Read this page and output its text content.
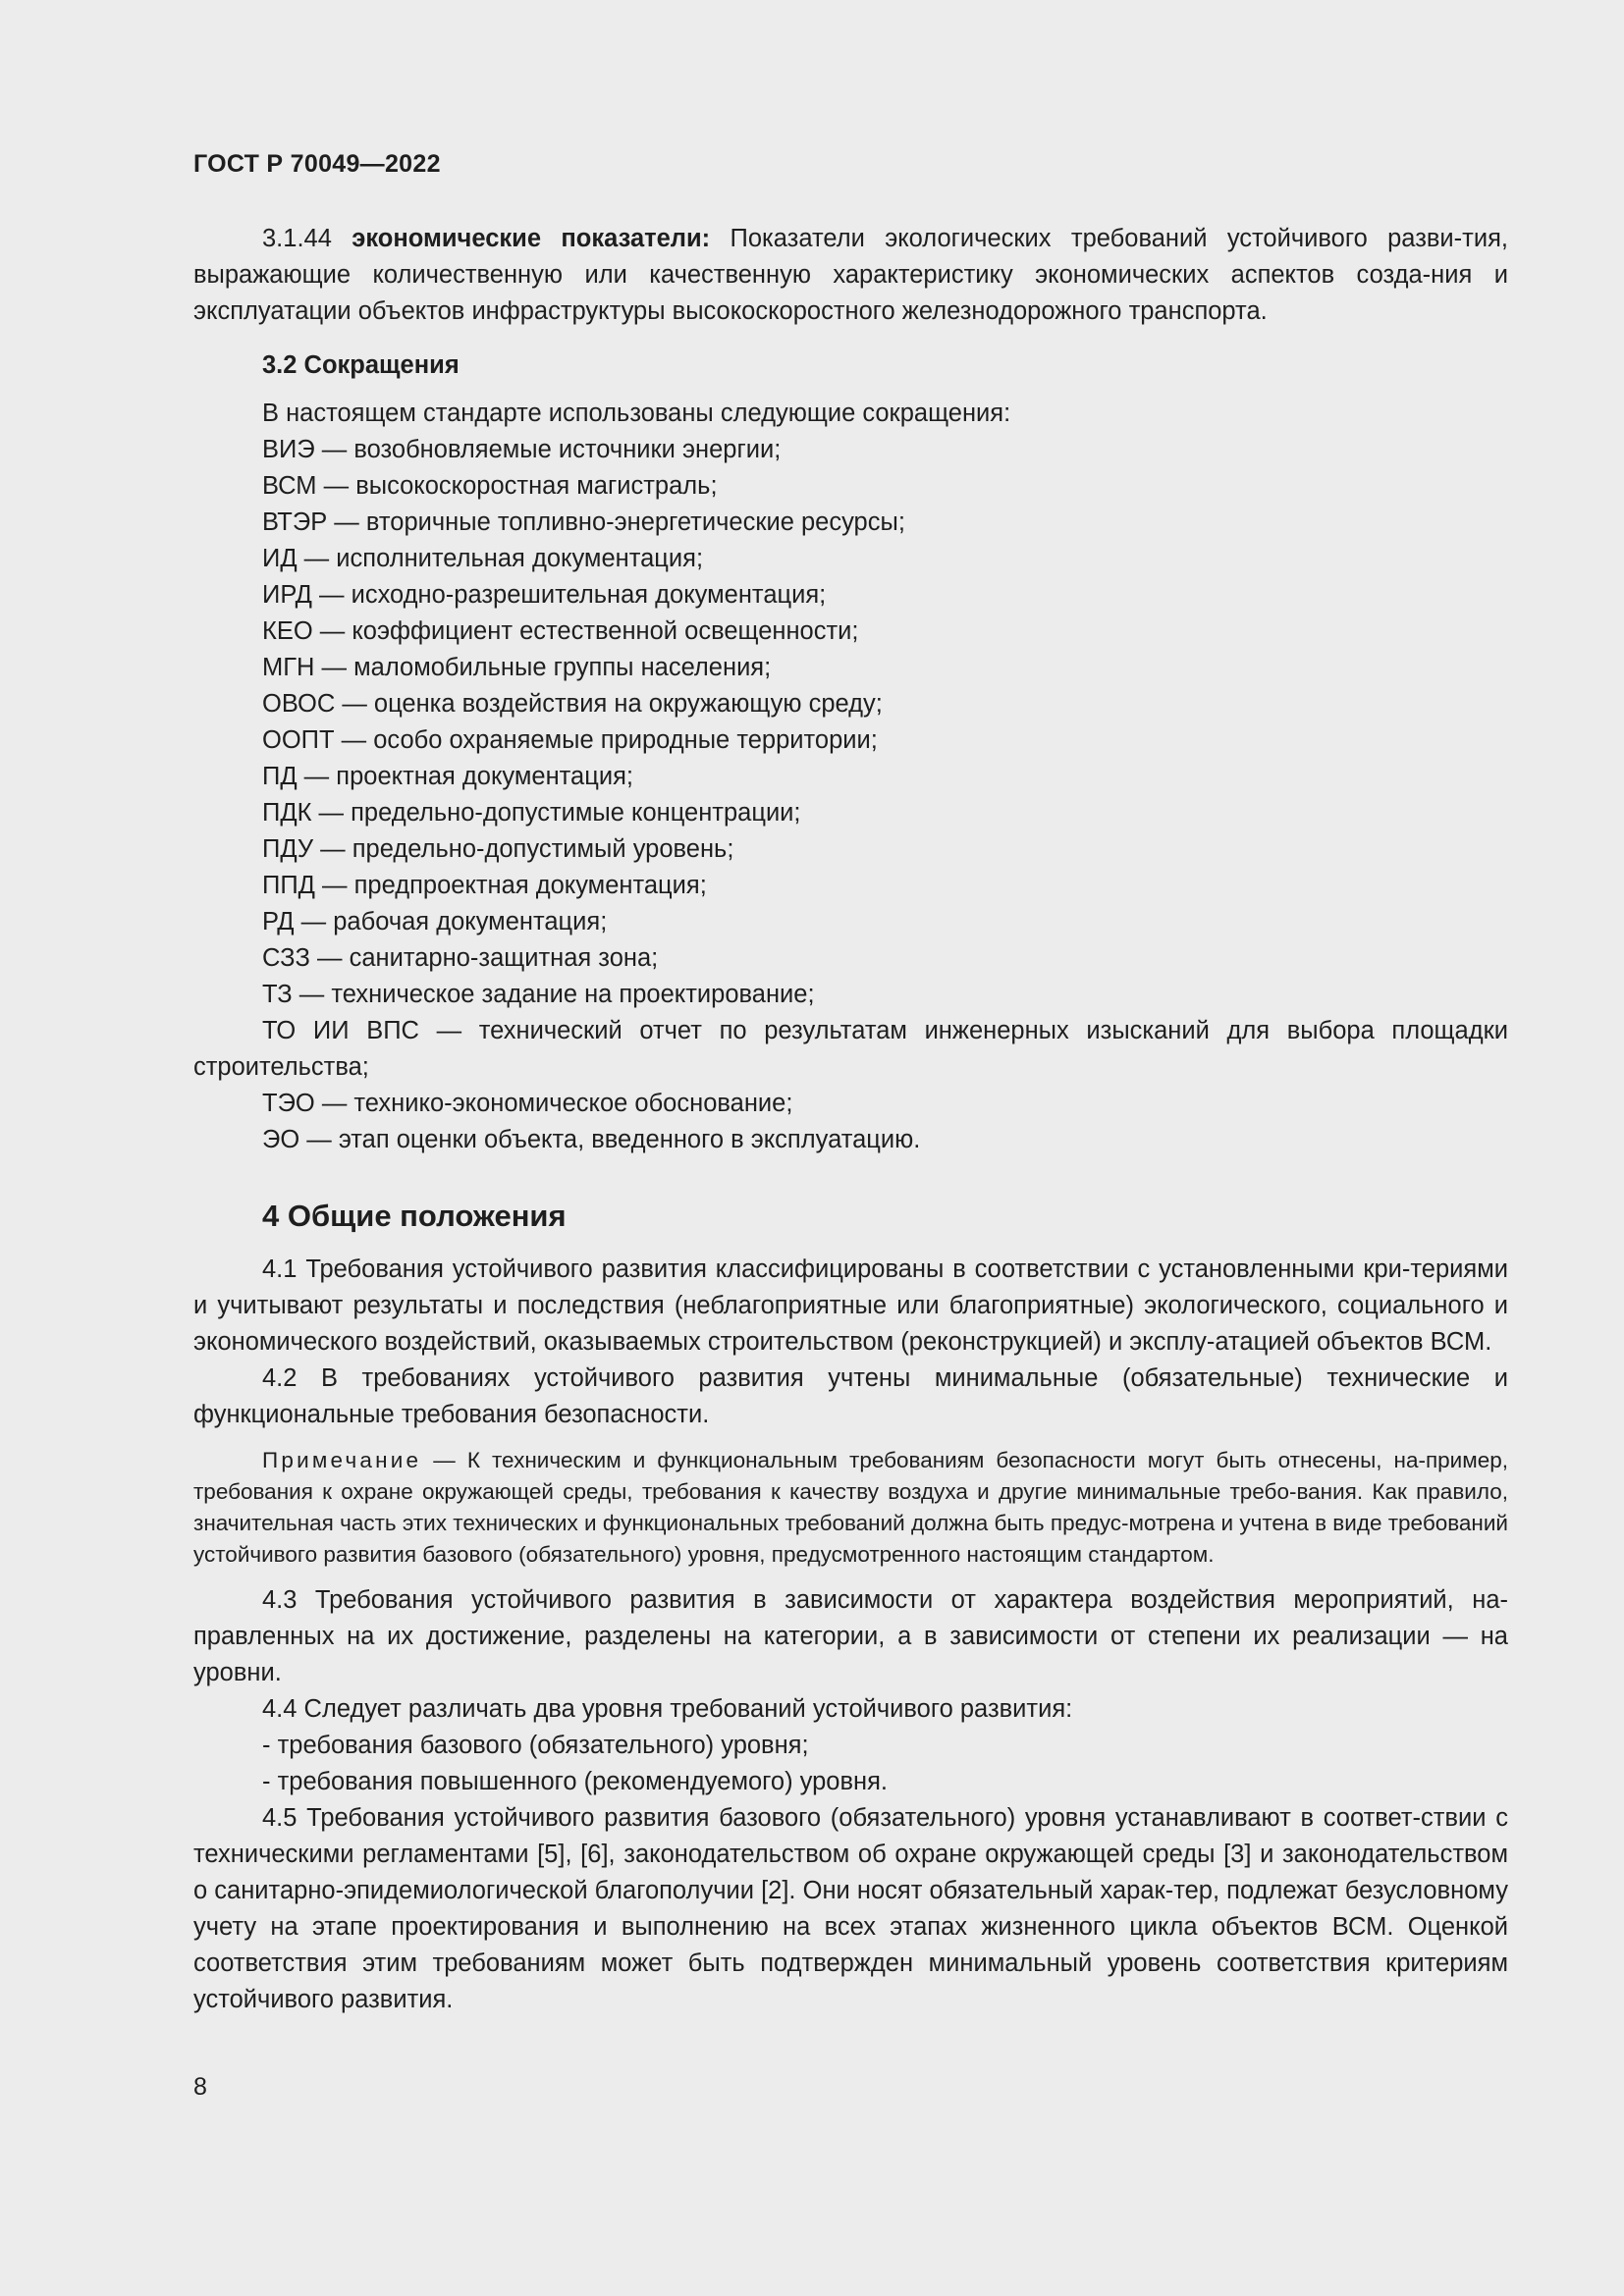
ГОСТ Р 70049—2022

3.1.44 экономические показатели: Показатели экологических требований устойчивого разви-тия, выражающие количественную или качественную характеристику экономических аспектов созда-ния и эксплуатации объектов инфраструктуры высокоскоростного железнодорожного транспорта.

3.2 Сокращения
В настоящем стандарте использованы следующие сокращения:
ВИЭ — возобновляемые источники энергии;
ВСМ — высокоскоростная магистраль;
ВТЭР — вторичные топливно-энергетические ресурсы;
ИД — исполнительная документация;
ИРД — исходно-разрешительная документация;
КЕО — коэффициент естественной освещенности;
МГН — маломобильные группы населения;
ОВОС — оценка воздействия на окружающую среду;
ООПТ — особо охраняемые природные территории;
ПД — проектная документация;
ПДК — предельно-допустимые концентрации;
ПДУ — предельно-допустимый уровень;
ППД — предпроектная документация;
РД — рабочая документация;
СЗЗ — санитарно-защитная зона;
ТЗ — техническое задание на проектирование;

ТО ИИ ВПС — технический отчет по результатам инженерных изысканий для выбора площадки строительства;

ТЭО — технико-экономическое обоснование;
ЭО — этап оценки объекта, введенного в эксплуатацию.
4 Общие положения

4.1 Требования устойчивого развития классифицированы в соответствии с установленными кри-териями и учитывают результаты и последствия (неблагоприятные или благоприятные) экологического, социального и экономического воздействий, оказываемых строительством (реконструкцией) и эксплу-атацией объектов ВСМ.

4.2 В требованиях устойчивого развития учтены минимальные (обязательные) технические и функциональные требования безопасности.

Примечание — К техническим и функциональным требованиям безопасности могут быть отнесены, на-пример, требования к охране окружающей среды, требования к качеству воздуха и другие минимальные требо-вания. Как правило, значительная часть этих технических и функциональных требований должна быть предус-мотрена и учтена в виде требований устойчивого развития базового (обязательного) уровня, предусмотренного настоящим стандартом.

4.3 Требования устойчивого развития в зависимости от характера воздействия мероприятий, на-правленных на их достижение, разделены на категории, а в зависимости от степени их реализации — на уровни.

4.4 Следует различать два уровня требований устойчивого развития:

- требования базового (обязательного) уровня;
- требования повышенного (рекомендуемого) уровня.

4.5 Требования устойчивого развития базового (обязательного) уровня устанавливают в соответ-ствии с техническими регламентами [5], [6], законодательством об охране окружающей среды [3] и законодательством о санитарно-эпидемиологической благополучии [2]. Они носят обязательный харак-тер, подлежат безусловному учету на этапе проектирования и выполнению на всех этапах жизненного цикла объектов ВСМ. Оценкой соответствия этим требованиям может быть подтвержден минимальный уровень соответствия критериям устойчивого развития.

8
